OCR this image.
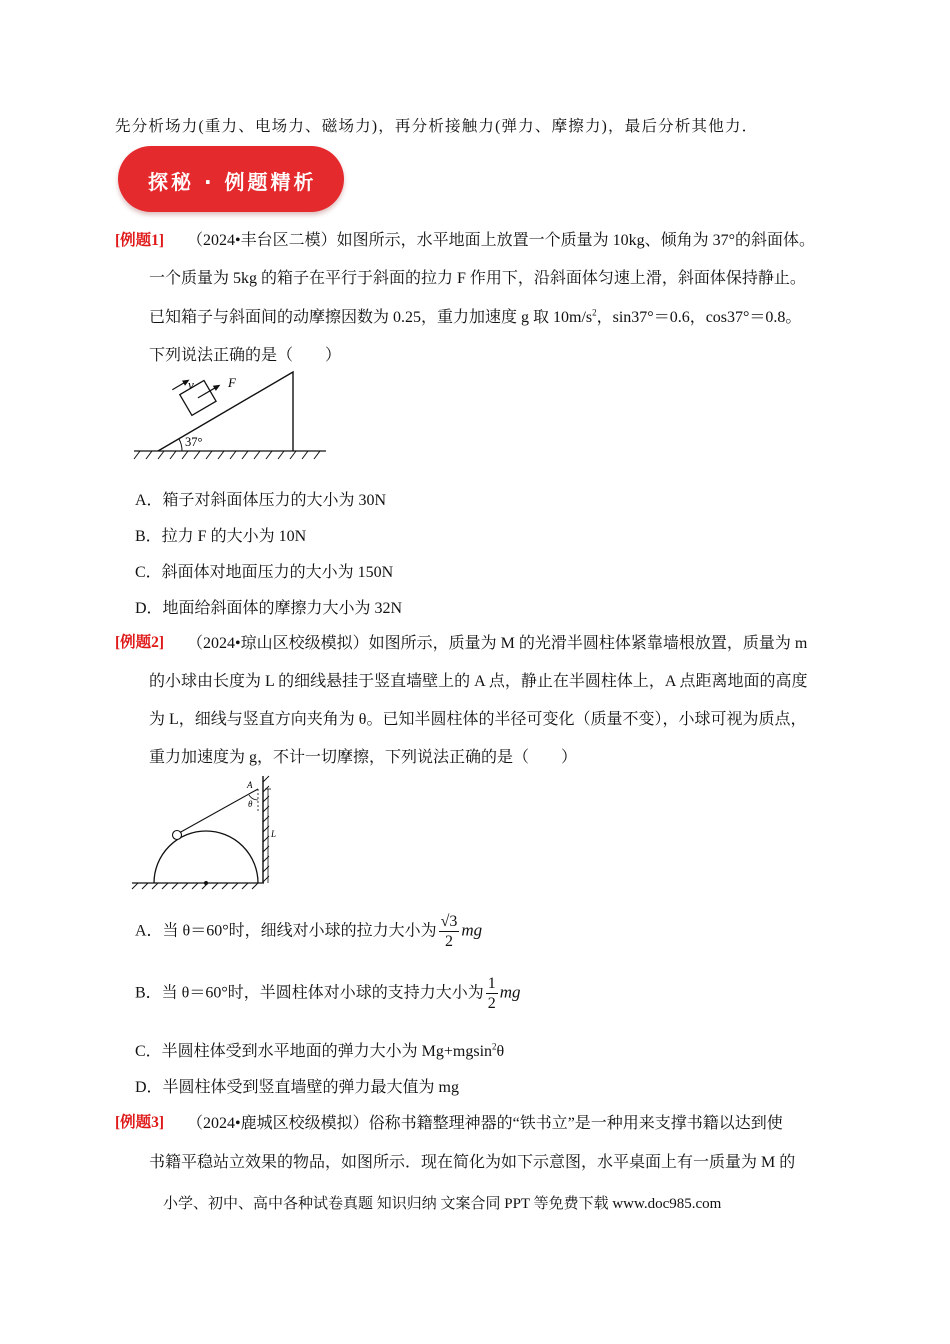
先分析场力(重力、电场力、磁场力)，再分析接触力(弹力、摩擦力)，最后分析其他力．
探秘 · 例题精析
[例题1] （2024•丰台区二模）如图所示，水平地面上放置一个质量为 10kg、倾角为 37°的斜面体。
一个质量为 5kg 的箱子在平行于斜面的拉力 F 作用下，沿斜面体匀速上滑，斜面体保持静止。
已知箱子与斜面间的动摩擦因数为 0.25，重力加速度 g 取 $10m/s^2$，sin37°＝0.6，cos37°＝0.8。
下列说法正确的是（　　）
v	F
37°
A．箱子对斜面体压力的大小为 30N
B．拉力 F 的大小为 10N
C．斜面体对地面压力的大小为 150N
D．地面给斜面体的摩擦力大小为 32N
[例题2] （2024•琼山区校级模拟）如图所示，质量为 M 的光滑半圆柱体紧靠墙根放置，质量为 m
的小球由长度为 L 的细线悬挂于竖直墙壁上的 A 点，静止在半圆柱体上，A 点距离地面的高度
为 L，细线与竖直方向夹角为 θ。已知半圆柱体的半径可变化（质量不变），小球可视为质点，
重力加速度为 g，不计一切摩擦，下列说法正确的是（　　）
A
θ
L
A．当 θ＝60°时，细线对小球的拉力大小为 $\frac{√3}{2}$ mg
B．当 θ＝60°时，半圆柱体对小球的支持力大小为 $\frac{1}{2}$ mg
C．半圆柱体受到水平地面的弹力大小为 Mg+mgsin$^2$θ
D．半圆柱体受到竖直墙壁的弹力最大值为 mg
[例题3] （2024•鹿城区校级模拟）俗称书籍整理神器的“铁书立”是一种用来支撑书籍以达到使
书籍平稳站立效果的物品，如图所示．现在简化为如下示意图，水平桌面上有一质量为 M 的
小学、初中、高中各种试卷真题 知识归纳 文案合同 PPT 等免费下载 www.doc985.com
